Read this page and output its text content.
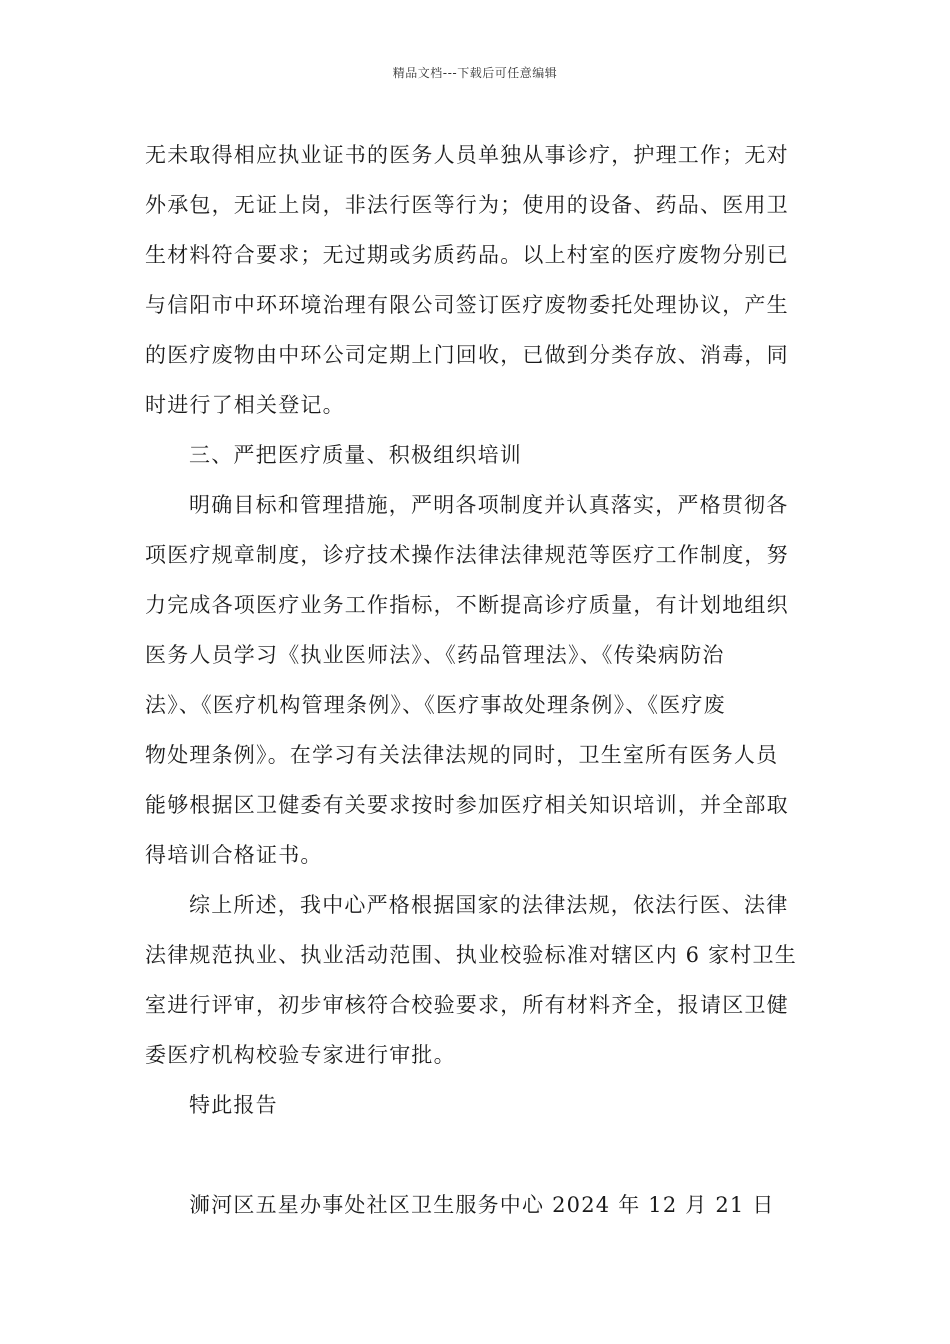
精品文档---下载后可任意编辑

无未取得相应执业证书的医务人员单独从事诊疗，护理工作；无对
外承包，无证上岗，非法行医等行为；使用的设备、药品、医用卫
生材料符合要求；无过期或劣质药品。以上村室的医疗废物分别已
与信阳市中环环境治理有限公司签订医疗废物委托处理协议，产生
的医疗废物由中环公司定期上门回收，已做到分类存放、消毒，同
时进行了相关登记。

三、严把医疗质量、积极组织培训

明确目标和管理措施，严明各项制度并认真落实，严格贯彻各
项医疗规章制度，诊疗技术操作法律法律规范等医疗工作制度，努
力完成各项医疗业务工作指标，不断提高诊疗质量，有计划地组织
医务人员学习《执业医师法》、《药品管理法》、《传染病防治
法》、《医疗机构管理条例》、《医疗事故处理条例》、《医疗废
物处理条例》。在学习有关法律法规的同时，卫生室所有医务人员
能够根据区卫健委有关要求按时参加医疗相关知识培训，并全部取
得培训合格证书。

综上所述，我中心严格根据国家的法律法规，依法行医、法律
法律规范执业、执业活动范围、执业校验标准对辖区内 6 家村卫生
室进行评审，初步审核符合校验要求，所有材料齐全，报请区卫健
委医疗机构校验专家进行审批。

特此报告

浉河区五星办事处社区卫生服务中心 2024 年 12 月 21 日
